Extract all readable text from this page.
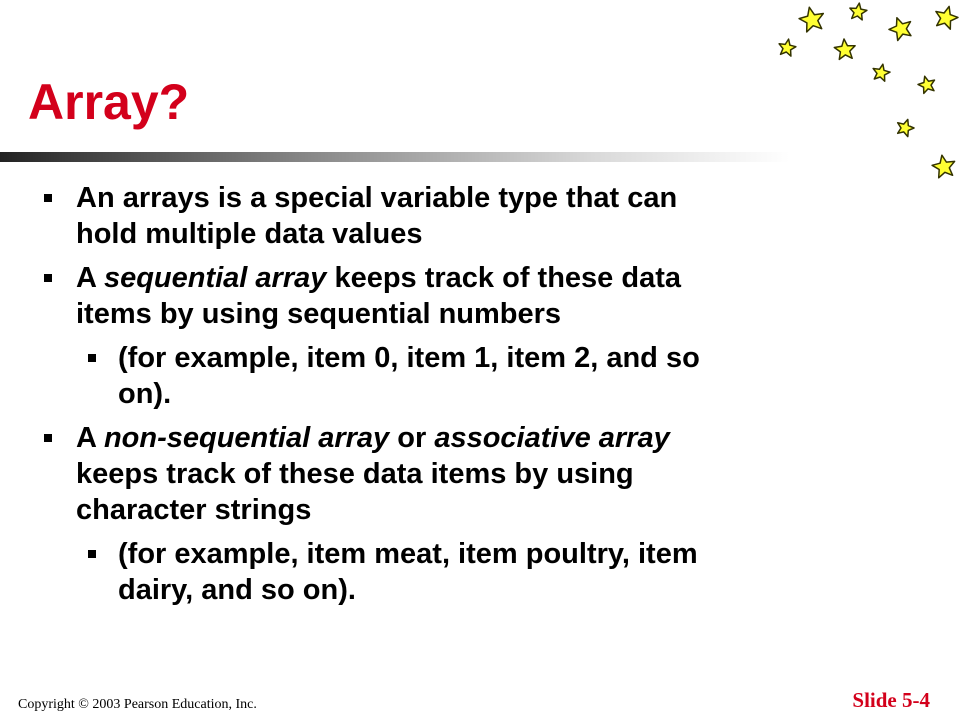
Array?
An arrays is a special variable type that can
hold multiple data values
A sequential array keeps track of these data
items by using sequential numbers
(for example, item 0, item 1, item 2, and so
on).
A non-sequential array or associative array
keeps track of these data items by using
character strings
(for example, item meat, item poultry, item
dairy, and so on).
Copyright © 2003 Pearson Education, Inc.	Slide 5-4
